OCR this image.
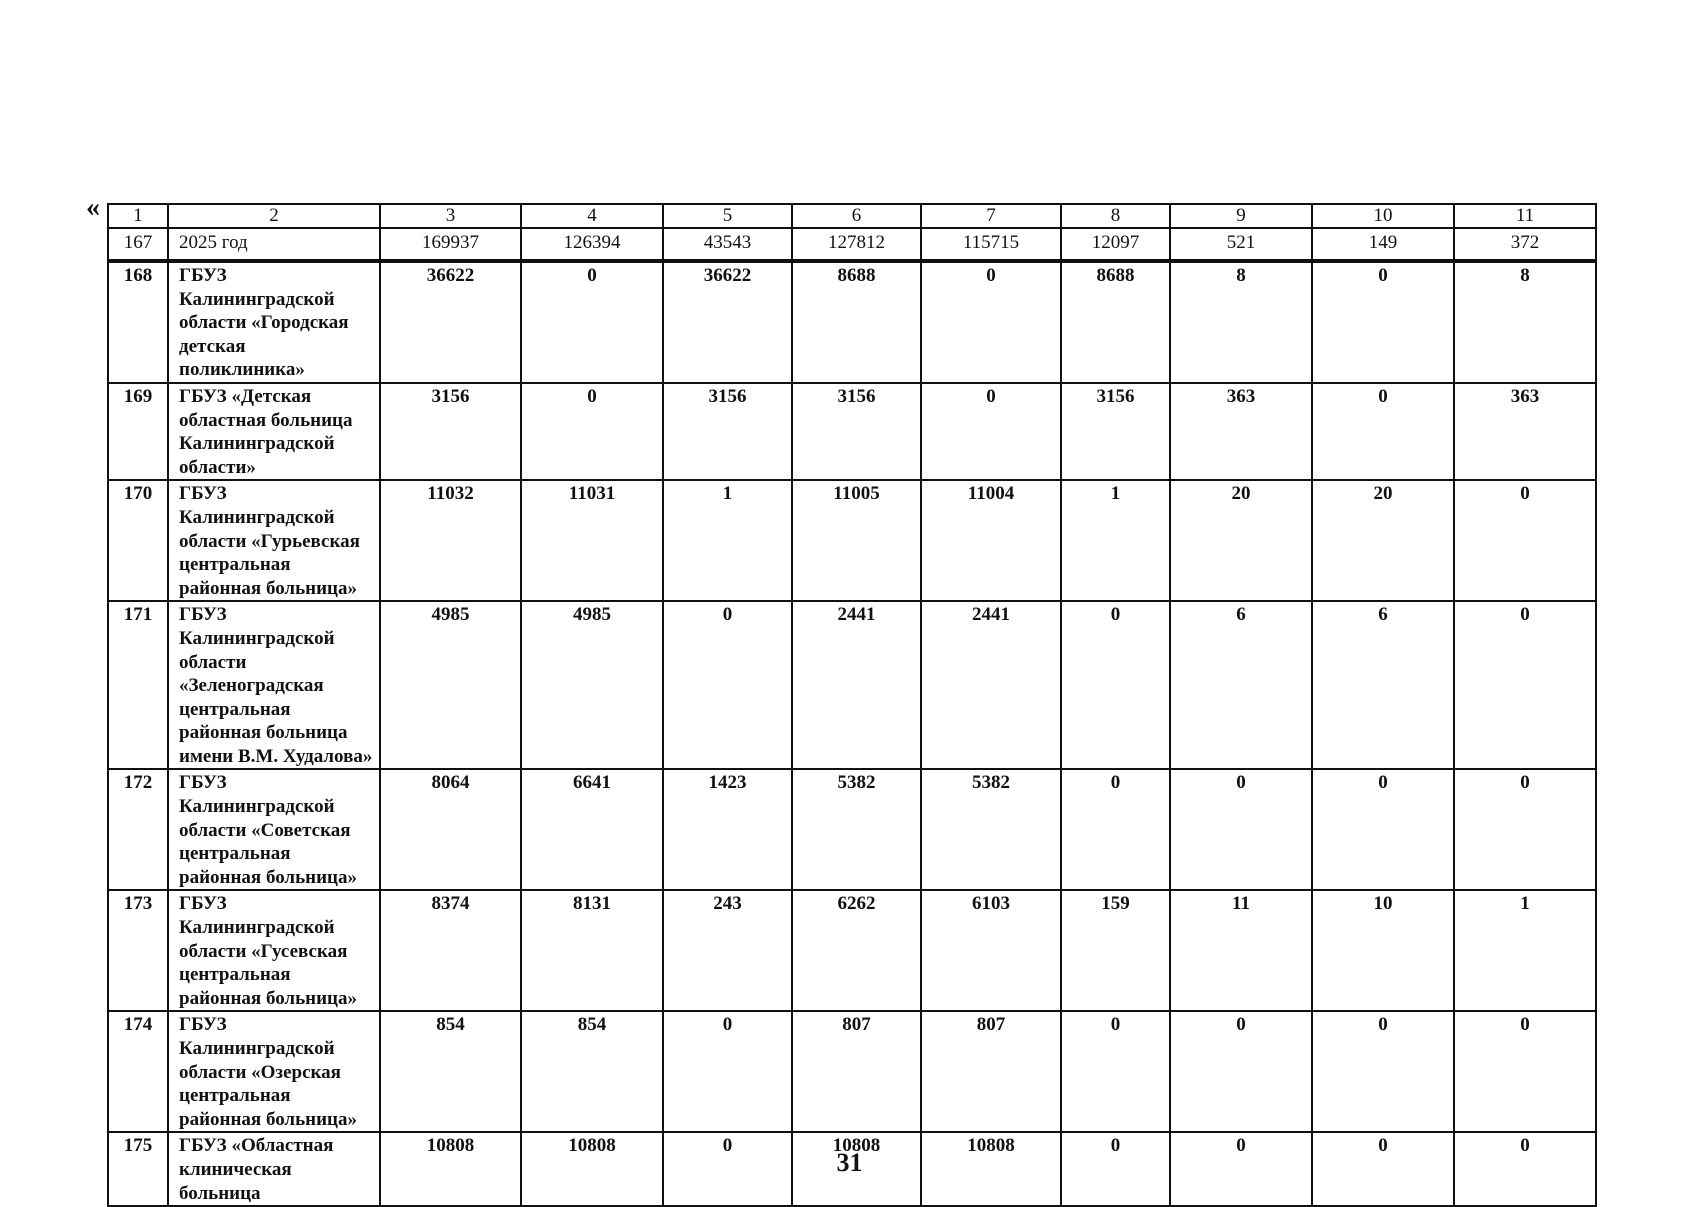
« 1	2	3	4	5	6	7	8	9	10	11
167	2025 год	169937	126394	43543	127812	115715	12097	521	149	372
168	ГБУЗ Калининградской области «Городская детская поликлиника»	36622	0	36622	8688	0	8688	8	0	8
169	ГБУЗ «Детская областная больница Калининградской области»	3156	0	3156	3156	0	3156	363	0	363
170	ГБУЗ Калининградской области «Гурьевская центральная районная больница»	11032	11031	1	11005	11004	1	20	20	0
171	ГБУЗ Калининградской области «Зеленоградская центральная районная больница имени В.М. Худалова»	4985	4985	0	2441	2441	0	6	6	0
172	ГБУЗ Калининградской области «Советская центральная районная больница»	8064	6641	1423	5382	5382	0	0	0	0
173	ГБУЗ Калининградской области «Гусевская центральная районная больница»	8374	8131	243	6262	6103	159	11	10	1
174	ГБУЗ Калининградской области «Озерская центральная районная больница»	854	854	0	807	807	0	0	0	0
175	ГБУЗ «Областная клиническая больница	10808	10808	0	10808	10808	0	0	0	0
31
